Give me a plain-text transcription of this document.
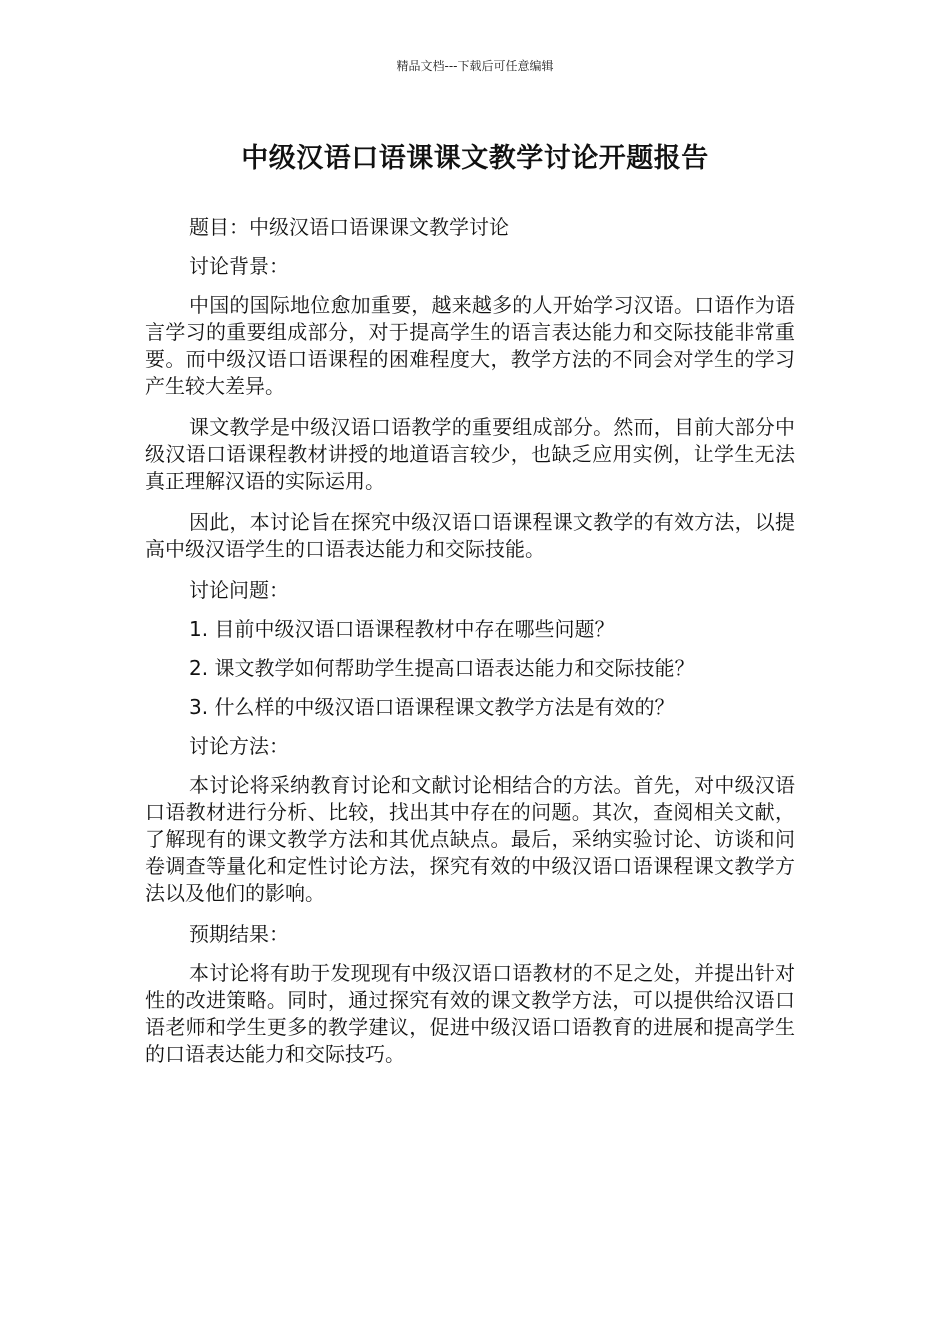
精品文档---下载后可任意编辑
中级汉语口语课课文教学讨论开题报告

题目：中级汉语口语课课文教学讨论

讨论背景：

中国的国际地位愈加重要，越来越多的人开始学习汉语。口语作为语言学习的重要组成部分，对于提高学生的语言表达能力和交际技能非常重要。而中级汉语口语课程的困难程度大，教学方法的不同会对学生的学习产生较大差异。

课文教学是中级汉语口语教学的重要组成部分。然而，目前大部分中级汉语口语课程教材讲授的地道语言较少，也缺乏应用实例，让学生无法真正理解汉语的实际运用。

因此，本讨论旨在探究中级汉语口语课程课文教学的有效方法，以提高中级汉语学生的口语表达能力和交际技能。

讨论问题：

1. 目前中级汉语口语课程教材中存在哪些问题？

2. 课文教学如何帮助学生提高口语表达能力和交际技能？

3. 什么样的中级汉语口语课程课文教学方法是有效的？

讨论方法：

本讨论将采纳教育讨论和文献讨论相结合的方法。首先，对中级汉语口语教材进行分析、比较，找出其中存在的问题。其次，查阅相关文献，了解现有的课文教学方法和其优点缺点。最后，采纳实验讨论、访谈和问卷调查等量化和定性讨论方法，探究有效的中级汉语口语课程课文教学方法以及他们的影响。

预期结果：

本讨论将有助于发现现有中级汉语口语教材的不足之处，并提出针对性的改进策略。同时，通过探究有效的课文教学方法，可以提供给汉语口语老师和学生更多的教学建议，促进中级汉语口语教育的进展和提高学生的口语表达能力和交际技巧。
